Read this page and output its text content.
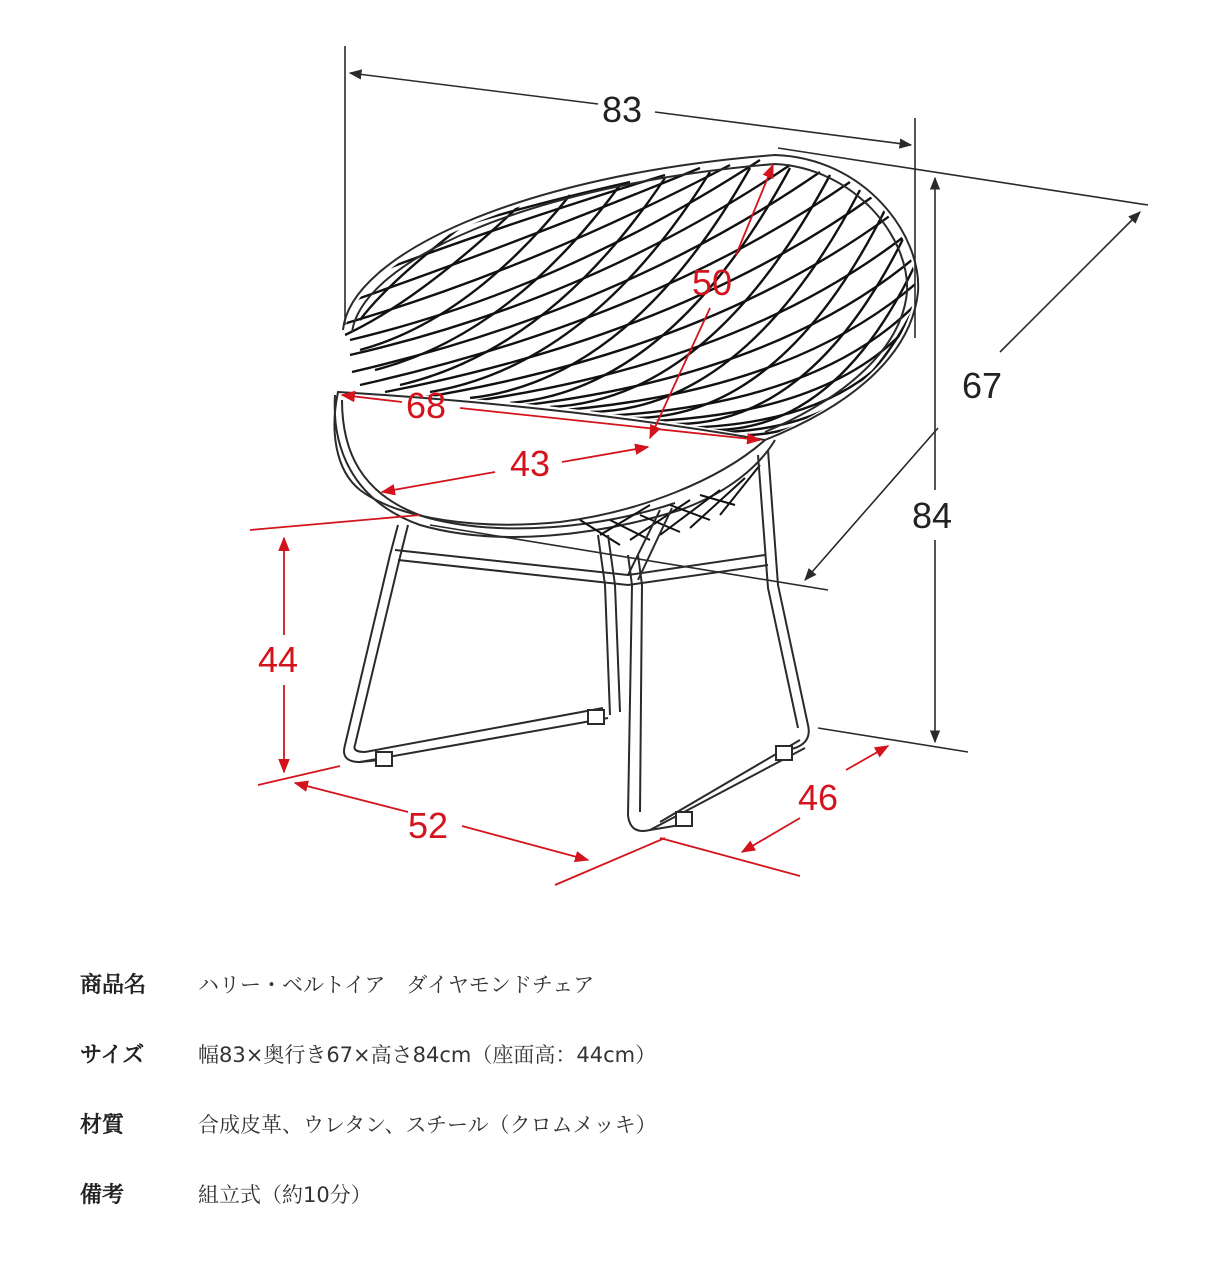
83
67
84
44
52
46
50
68
43
商品名	ハリー・ベルトイア　ダイヤモンドチェア
サイズ	幅83×奥行き67×高さ84cm（座面高：44cm）
材質	合成皮革、ウレタン、スチール（クロムメッキ）
備考	組立式（約10分）
